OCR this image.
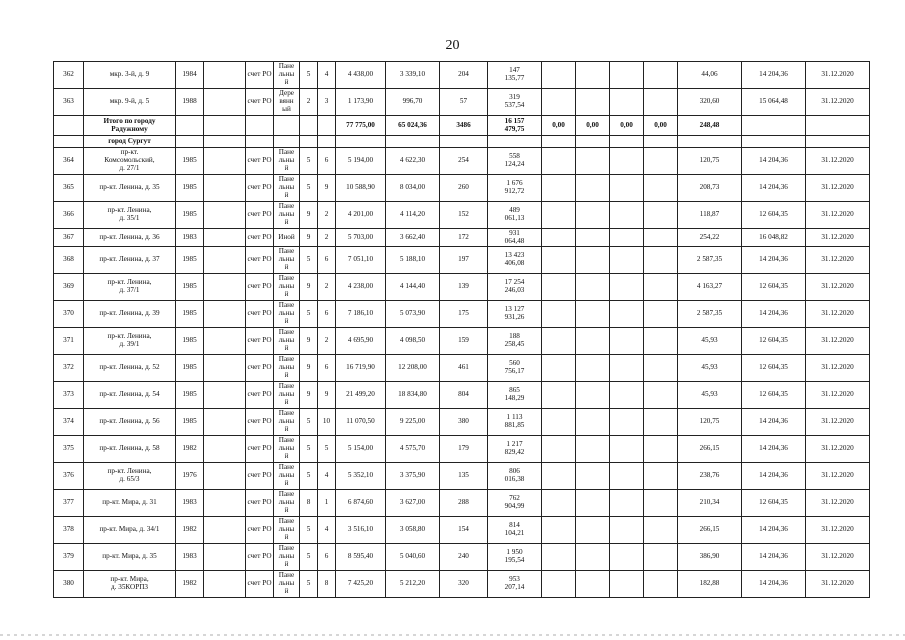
20
362	мкр. 3-й, д. 9	1984		счет РО	Пане
льны
й	5	4	4 438,00	3 339,10	204	147
135,77					44,06	14 204,36	31.12.2020
363	мкр. 9-й, д. 5	1988		счет РО	Дере
вянн
ый	2	3	1 173,90	996,70	57	319
537,54					320,60	15 064,48	31.12.2020
	Итого по городу
Радужному							77 775,00	65 024,36	3486	16 157
479,75	0,00	0,00	0,00	0,00	248,48		
	город Сургут																	
364	пр-кт.
Комсомольский,
д. 27/1	1985		счет РО	Пане
льны
й	5	6	5 194,00	4 622,30	254	558
124,24					120,75	14 204,36	31.12.2020
365	пр-кт. Ленина, д. 35	1985		счет РО	Пане
льны
й	5	9	10 588,90	8 034,00	260	1 676
912,72					208,73	14 204,36	31.12.2020
366	пр-кт. Ленина,
д. 35/1	1985		счет РО	Пане
льны
й	9	2	4 201,00	4 114,20	152	489
061,13					118,87	12 604,35	31.12.2020
367	пр-кт. Ленина, д. 36	1983		счет РО	Иной	9	2	5 703,00	3 662,40	172	931
064,48					254,22	16 048,82	31.12.2020
368	пр-кт. Ленина, д. 37	1985		счет РО	Пане
льны
й	5	6	7 051,10	5 188,10	197	13 423
406,08					2 587,35	14 204,36	31.12.2020
369	пр-кт. Ленина,
д. 37/1	1985		счет РО	Пане
льны
й	9	2	4 238,00	4 144,40	139	17 254
246,03					4 163,27	12 604,35	31.12.2020
370	пр-кт. Ленина, д. 39	1985		счет РО	Пане
льны
й	5	6	7 186,10	5 073,90	175	13 127
931,26					2 587,35	14 204,36	31.12.2020
371	пр-кт. Ленина,
д. 39/1	1985		счет РО	Пане
льны
й	9	2	4 695,90	4 098,50	159	188
258,45					45,93	12 604,35	31.12.2020
372	пр-кт. Ленина, д. 52	1985		счет РО	Пане
льны
й	9	6	16 719,90	12 208,00	461	560
756,17					45,93	12 604,35	31.12.2020
373	пр-кт. Ленина, д. 54	1985		счет РО	Пане
льны
й	9	9	21 499,20	18 834,80	804	865
148,29					45,93	12 604,35	31.12.2020
374	пр-кт. Ленина, д. 56	1985		счет РО	Пане
льны
й	5	10	11 070,50	9 225,00	380	1 113
881,85					120,75	14 204,36	31.12.2020
375	пр-кт. Ленина, д. 58	1982		счет РО	Пане
льны
й	5	5	5 154,00	4 575,70	179	1 217
829,42					266,15	14 204,36	31.12.2020
376	пр-кт. Ленина,
д. 65/3	1976		счет РО	Пане
льны
й	5	4	5 352,10	3 375,90	135	806
016,38					238,76	14 204,36	31.12.2020
377	пр-кт. Мира, д. 31	1983		счет РО	Пане
льны
й	8	1	6 874,60	3 627,00	288	762
904,99					210,34	12 604,35	31.12.2020
378	пр-кт. Мира, д. 34/1	1982		счет РО	Пане
льны
й	5	4	3 516,10	3 058,80	154	814
104,21					266,15	14 204,36	31.12.2020
379	пр-кт. Мира, д. 35	1983		счет РО	Пане
льны
й	5	6	8 595,40	5 040,60	240	1 950
195,54					386,90	14 204,36	31.12.2020
380	пр-кт. Мира,
д. 35КОРП3	1982		счет РО	Пане
льны
й	5	8	7 425,20	5 212,20	320	953
207,14					182,88	14 204,36	31.12.2020
